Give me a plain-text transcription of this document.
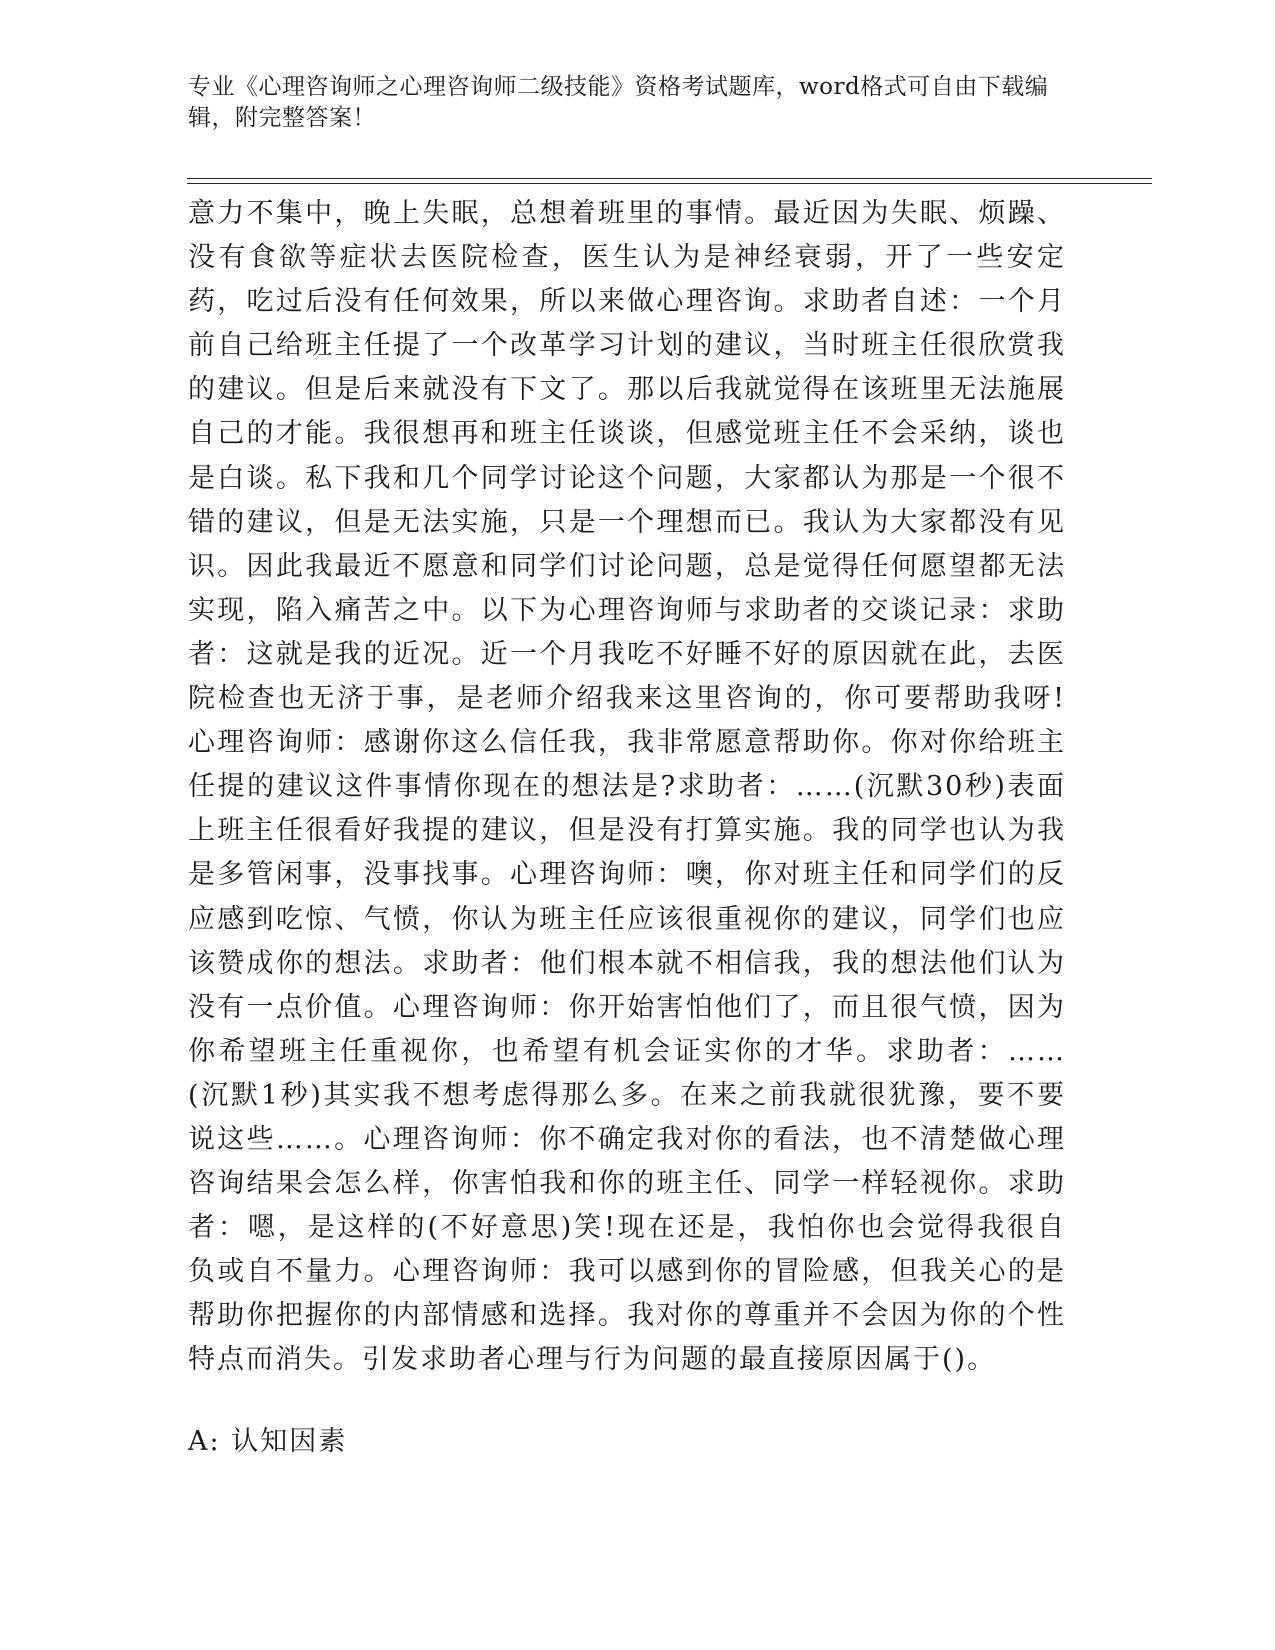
专业《心理咨询师之心理咨询师二级技能》资格考试题库，word格式可自由下载编辑，附完整答案！

意力不集中，晚上失眠，总想着班里的事情。最近因为失眠、烦躁、没有食欲等症状去医院检查，医生认为是神经衰弱，开了一些安定药，吃过后没有任何效果，所以来做心理咨询。求助者自述：一个月前自己给班主任提了一个改革学习计划的建议，当时班主任很欣赏我的建议。但是后来就没有下文了。那以后我就觉得在该班里无法施展自己的才能。我很想再和班主任谈谈，但感觉班主任不会采纳，谈也是白谈。私下我和几个同学讨论这个问题，大家都认为那是一个很不错的建议，但是无法实施，只是一个理想而已。我认为大家都没有见识。因此我最近不愿意和同学们讨论问题，总是觉得任何愿望都无法实现，陷入痛苦之中。以下为心理咨询师与求助者的交谈记录：求助者：这就是我的近况。近一个月我吃不好睡不好的原因就在此，去医院检查也无济于事，是老师介绍我来这里咨询的，你可要帮助我呀!心理咨询师：感谢你这么信任我，我非常愿意帮助你。你对你给班主任提的建议这件事情你现在的想法是?求助者：……(沉默30秒)表面上班主任很看好我提的建议，但是没有打算实施。我的同学也认为我是多管闲事，没事找事。心理咨询师：噢，你对班主任和同学们的反应感到吃惊、气愤，你认为班主任应该很重视你的建议，同学们也应该赞成你的想法。求助者：他们根本就不相信我，我的想法他们认为没有一点价值。心理咨询师：你开始害怕他们了，而且很气愤，因为你希望班主任重视你，也希望有机会证实你的才华。求助者：……(沉默1秒)其实我不想考虑得那么多。在来之前我就很犹豫，要不要说这些……。心理咨询师：你不确定我对你的看法，也不清楚做心理咨询结果会怎么样，你害怕我和你的班主任、同学一样轻视你。求助者：嗯，是这样的(不好意思)笑!现在还是，我怕你也会觉得我很自负或自不量力。心理咨询师：我可以感到你的冒险感，但我关心的是帮助你把握你的内部情感和选择。我对你的尊重并不会因为你的个性特点而消失。引发求助者心理与行为问题的最直接原因属于()。

A: 认知因素
